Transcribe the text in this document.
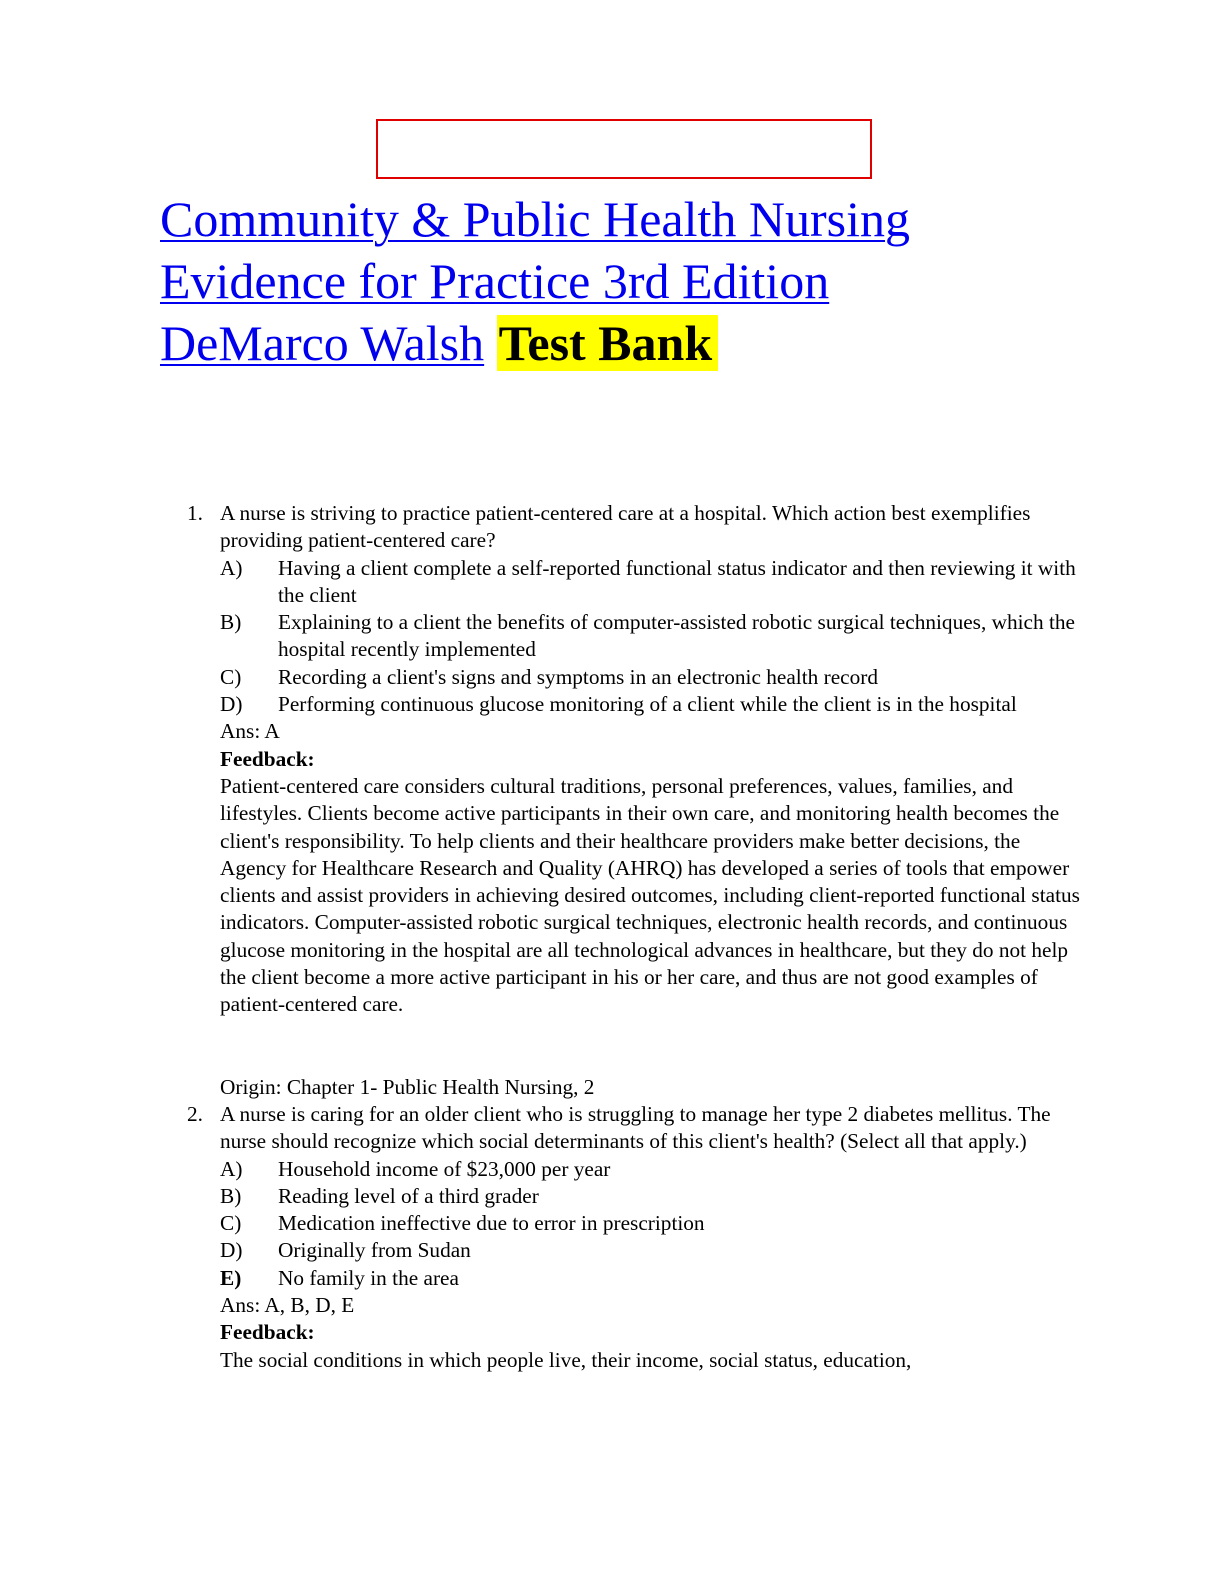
Community & Public Health Nursing
Evidence for Practice 3rd Edition
DeMarco Walsh Test Bank
1. A nurse is striving to practice patient-centered care at a hospital. Which action best exemplifies providing patient-centered care?
A) Having a client complete a self-reported functional status indicator and then reviewing it with the client
B) Explaining to a client the benefits of computer-assisted robotic surgical techniques, which the hospital recently implemented
C) Recording a client's signs and symptoms in an electronic health record
D) Performing continuous glucose monitoring of a client while the client is in the hospital
Ans: A
Feedback:
Patient-centered care considers cultural traditions, personal preferences, values, families, and lifestyles. Clients become active participants in their own care, and monitoring health becomes the client's responsibility. To help clients and their healthcare providers make better decisions, the Agency for Healthcare Research and Quality (AHRQ) has developed a series of tools that empower clients and assist providers in achieving desired outcomes, including client-reported functional status indicators. Computer-assisted robotic surgical techniques, electronic health records, and continuous glucose monitoring in the hospital are all technological advances in healthcare, but they do not help the client become a more active participant in his or her care, and thus are not good examples of patient-centered care.
Origin: Chapter 1- Public Health Nursing, 2
2. A nurse is caring for an older client who is struggling to manage her type 2 diabetes mellitus. The nurse should recognize which social determinants of this client's health? (Select all that apply.)
A) Household income of $23,000 per year
B) Reading level of a third grader
C) Medication ineffective due to error in prescription
D) Originally from Sudan
E) No family in the area
Ans: A, B, D, E
Feedback:
The social conditions in which people live, their income, social status, education,
